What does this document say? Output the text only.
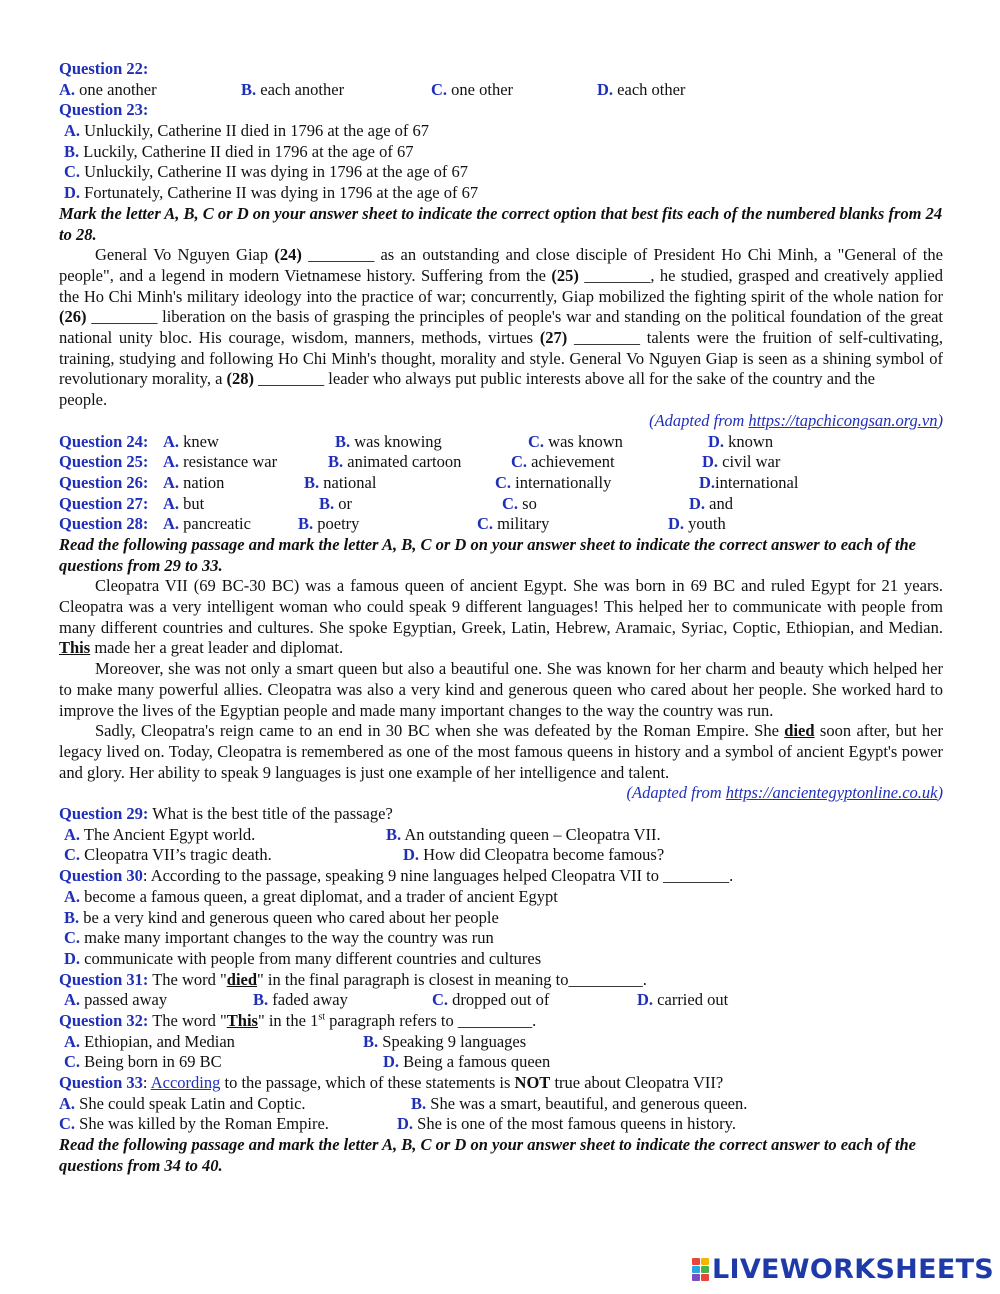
Question 22:
A. one another	B. each another	C. one other	D. each other
Question 23:
A. Unluckily, Catherine II died in 1796 at the age of 67
B. Luckily, Catherine II died in 1796 at the age of 67
C. Unluckily, Catherine II was dying in 1796 at the age of 67
D. Fortunately, Catherine II was dying in 1796 at the age of 67
Mark the letter A, B, C or D on your answer sheet to indicate the correct option that best fits each of the numbered blanks from 24 to 28.
General Vo Nguyen Giap (24) ________ as an outstanding and close disciple of President Ho Chi Minh, a "General of the people", and a legend in modern Vietnamese history. Suffering from the (25) ________, he studied, grasped and creatively applied the Ho Chi Minh's military ideology into the practice of war; concurrently, Giap mobilized the fighting spirit of the whole nation for (26) ________ liberation on the basis of grasping the principles of people's war and standing on the political foundation of the great national unity bloc. His courage, wisdom, manners, methods, virtues (27) ________ talents were the fruition of self-cultivating, training, studying and following Ho Chi Minh's thought, morality and style. General Vo Nguyen Giap is seen as a shining symbol of revolutionary morality, a (28) ________ leader who always put public interests above all for the sake of the country and the
people.
(Adapted from https://tapchicongsan.org.vn)
Question 24: A. knew	B. was knowing	C. was known	D. known
Question 25: A. resistance war	B. animated cartoon	C. achievement	D. civil war
Question 26: A. nation	B. national	C. internationally	D.international
Question 27: A. but	B. or	C. so	D. and
Question 28: A. pancreatic	B. poetry	C. military	D. youth
Read the following passage and mark the letter A, B, C or D on your answer sheet to indicate the correct answer to each of the questions from 29 to 33.
Cleopatra VII (69 BC-30 BC) was a famous queen of ancient Egypt. She was born in 69 BC and ruled Egypt for 21 years. Cleopatra was a very intelligent woman who could speak 9 different languages! This helped her to communicate with people from many different countries and cultures. She spoke Egyptian, Greek, Latin, Hebrew, Aramaic, Syriac, Coptic, Ethiopian, and Median. This made her a great leader and diplomat.
Moreover, she was not only a smart queen but also a beautiful one. She was known for her charm and beauty which helped her to make many powerful allies. Cleopatra was also a very kind and generous queen who cared about her people. She worked hard to improve the lives of the Egyptian people and made many important changes to the way the country was run.
Sadly, Cleopatra's reign came to an end in 30 BC when she was defeated by the Roman Empire. She died soon after, but her legacy lived on. Today, Cleopatra is remembered as one of the most famous queens in history and a symbol of ancient Egypt's power and glory. Her ability to speak 9 languages is just one example of her intelligence and talent.
(Adapted from https://ancientegyptonline.co.uk)
Question 29: What is the best title of the passage?
A. The Ancient Egypt world.	B. An outstanding queen – Cleopatra VII.
C. Cleopatra VII’s tragic death.	D. How did Cleopatra become famous?
Question 30: According to the passage, speaking 9 nine languages helped Cleopatra VII to ________.
A. become a famous queen, a great diplomat, and a trader of ancient Egypt
B. be a very kind and generous queen who cared about her people
C. make many important changes to the way the country was run
D. communicate with people from many different countries and cultures
Question 31: The word "died" in the final paragraph is closest in meaning to_________.
A. passed away	B. faded away	C. dropped out of	D. carried out
Question 32: The word "This" in the 1st paragraph refers to _________.
A. Ethiopian, and Median	B. Speaking 9 languages
C. Being born in 69 BC	D. Being a famous queen
Question 33: According to the passage, which of these statements is NOT true about Cleopatra VII?
A. She could speak Latin and Coptic.	B. She was a smart, beautiful, and generous queen.
C. She was killed by the Roman Empire.	D. She is one of the most famous queens in history.
Read the following passage and mark the letter A, B, C or D on your answer sheet to indicate the correct answer to each of the questions from 34 to 40.
LIVEWORKSHEETS
